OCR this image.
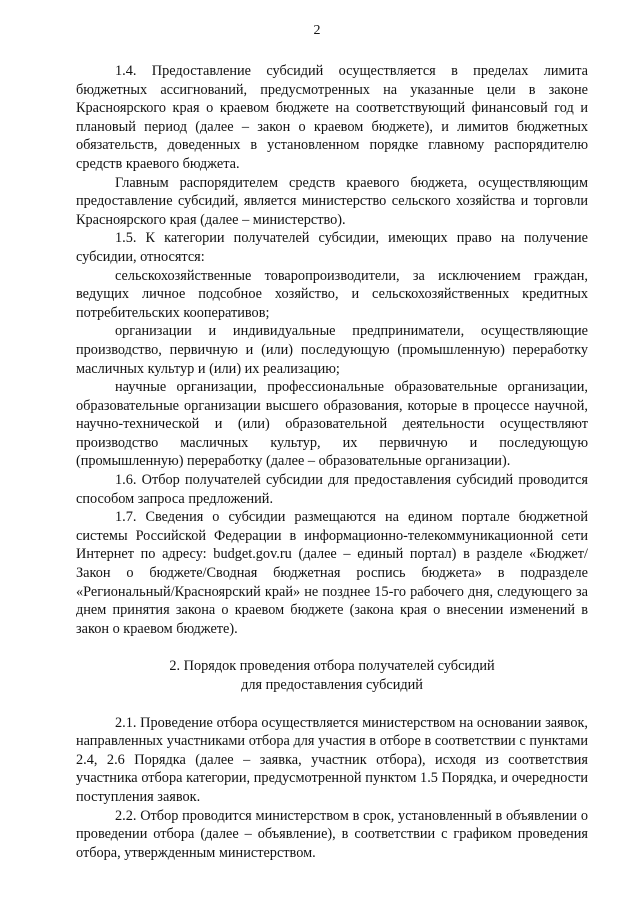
2

1.4. Предоставление субсидий осуществляется в пределах лимита бюджетных ассигнований, предусмотренных на указанные цели в законе Красноярского края о краевом бюджете на соответствующий финансовый год и плановый период (далее – закон о краевом бюджете), и лимитов бюджетных обязательств, доведенных в установленном порядке главному распорядителю средств краевого бюджета.

Главным распорядителем средств краевого бюджета, осуществляющим предоставление субсидий, является министерство сельского хозяйства и торговли Красноярского края (далее – министерство).

1.5. К категории получателей субсидии, имеющих право на получение субсидии, относятся:

сельскохозяйственные товаропроизводители, за исключением граждан, ведущих личное подсобное хозяйство, и сельскохозяйственных кредитных потребительских кооперативов;

организации и индивидуальные предприниматели, осуществляющие производство, первичную и (или) последующую (промышленную) переработку масличных культур и (или) их реализацию;

научные организации, профессиональные образовательные организации, образовательные организации высшего образования, которые в процессе научной, научно-технической и (или) образовательной деятельности осуществляют производство масличных культур, их первичную и последующую (промышленную) переработку (далее – образовательные организации).

1.6. Отбор получателей субсидии для предоставления субсидий проводится способом запроса предложений.

1.7. Сведения о субсидии размещаются на едином портале бюджетной системы Российской Федерации в информационно-телекоммуникационной сети Интернет по адресу: budget.gov.ru (далее – единый портал) в разделе «Бюджет/Закон о бюджете/Сводная бюджетная роспись бюджета» в подразделе «Региональный/Красноярский край» не позднее 15-го рабочего дня, следующего за днем принятия закона о краевом бюджете (закона края о внесении изменений в закон о краевом бюджете).

2. Порядок проведения отбора получателей субсидий
для предоставления субсидий

2.1. Проведение отбора осуществляется министерством на основании заявок, направленных участниками отбора для участия в отборе в соответствии с пунктами 2.4, 2.6 Порядка (далее – заявка, участник отбора), исходя из соответствия участника отбора категории, предусмотренной пунктом 1.5 Порядка, и очередности поступления заявок.

2.2. Отбор проводится министерством в срок, установленный в объявлении о проведении отбора (далее – объявление), в соответствии с графиком проведения отбора, утвержденным министерством.
